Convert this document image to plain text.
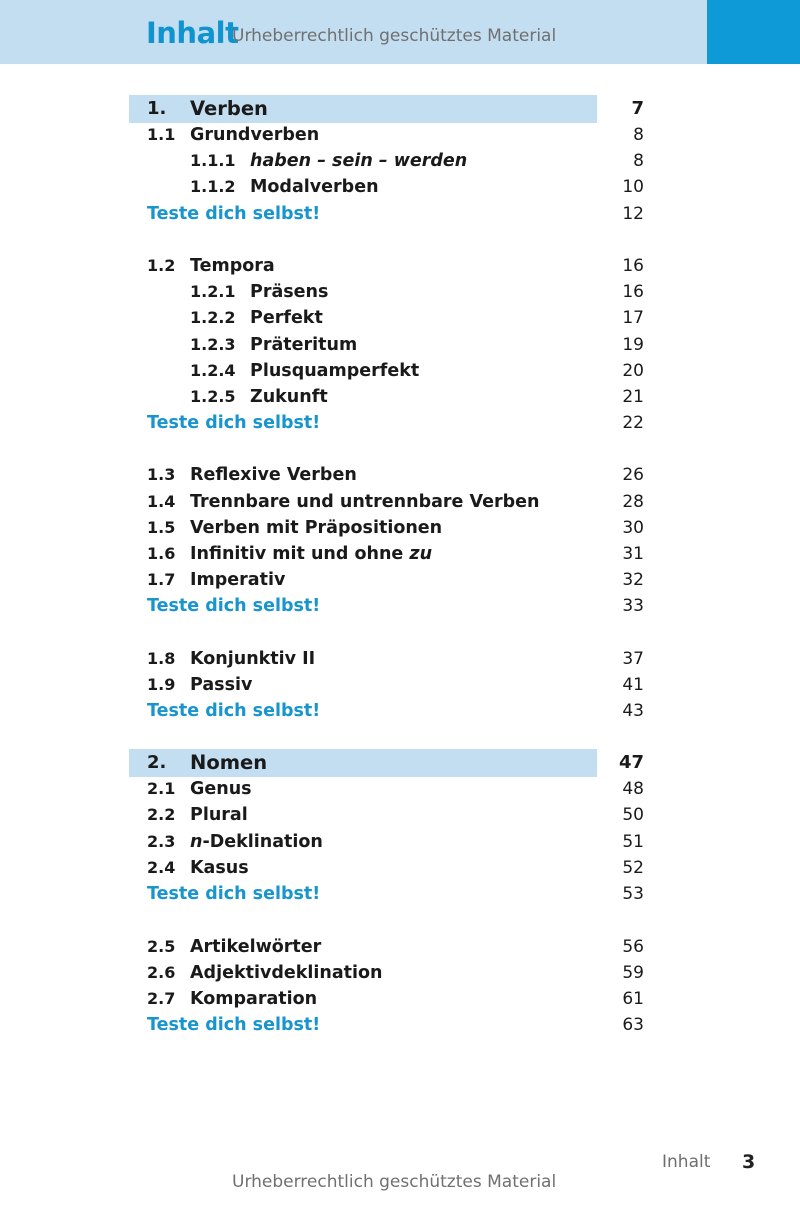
Inhalt
Urheberrechtlich geschütztes Material
1. Verben	7
1.1 Grundverben	8
1.1.1 haben – sein – werden	8
1.1.2 Modalverben	10
Teste dich selbst!	12
1.2 Tempora	16
1.2.1 Präsens	16
1.2.2 Perfekt	17
1.2.3 Präteritum	19
1.2.4 Plusquamperfekt	20
1.2.5 Zukunft	21
Teste dich selbst!	22
1.3 Reflexive Verben	26
1.4 Trennbare und untrennbare Verben	28
1.5 Verben mit Präpositionen	30
1.6 Infinitiv mit und ohne zu	31
1.7 Imperativ	32
Teste dich selbst!	33
1.8 Konjunktiv II	37
1.9 Passiv	41
Teste dich selbst!	43
2. Nomen	47
2.1 Genus	48
2.2 Plural	50
2.3 n-Deklination	51
2.4 Kasus	52
Teste dich selbst!	53
2.5 Artikelwörter	56
2.6 Adjektivdeklination	59
2.7 Komparation	61
Teste dich selbst!	63
Inhalt 3
Urheberrechtlich geschütztes Material
